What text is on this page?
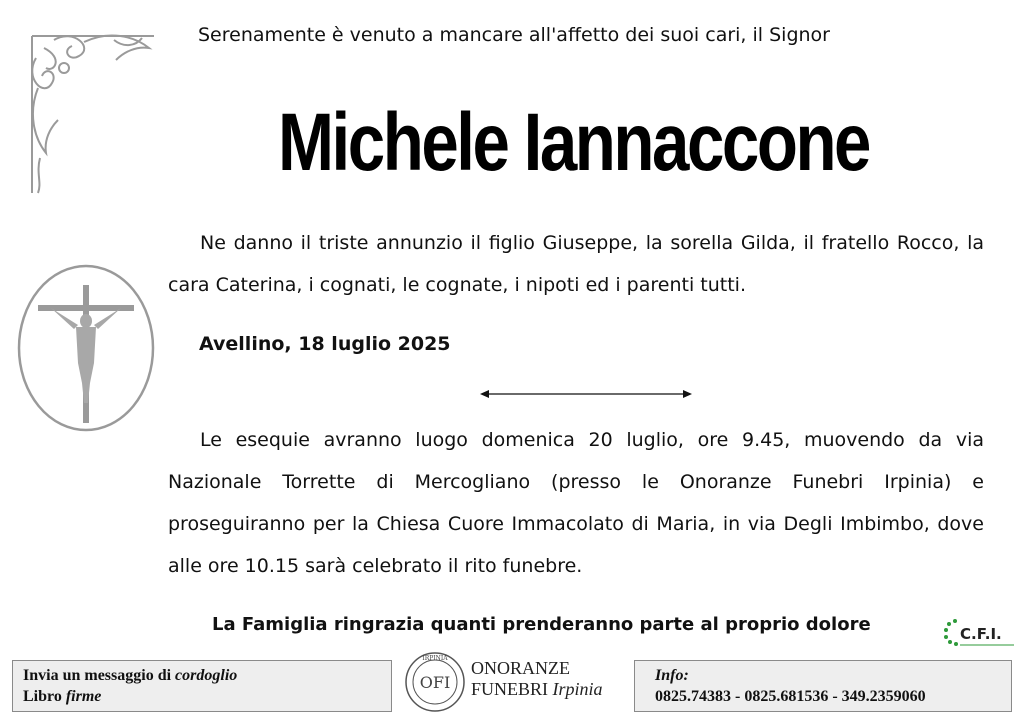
Serenamente è venuto a mancare all'affetto dei suoi cari, il Signor
Michele Iannaccone
Ne danno il triste annunzio il figlio Giuseppe, la sorella Gilda, il fratello Rocco, la cara Caterina, i cognati, le cognate, i nipoti ed i parenti tutti.
Avellino, 18 luglio 2025
Le esequie avranno luogo domenica 20 luglio, ore 9.45, muovendo da via Nazionale Torrette di Mercogliano (presso le Onoranze Funebri Irpinia) e proseguiranno per la Chiesa Cuore Immacolato di Maria, in via Degli Imbimbo, dove alle ore 10.15 sarà celebrato il rito funebre.
La Famiglia ringrazia quanti prenderanno parte al proprio dolore	C.F.I.
Invia un messaggio di cordoglio
Libro firme
IRPINIA
OFI
ONORANZE
FUNEBRI Irpinia
Info:
0825.74383 - 0825.681536 - 349.2359060
